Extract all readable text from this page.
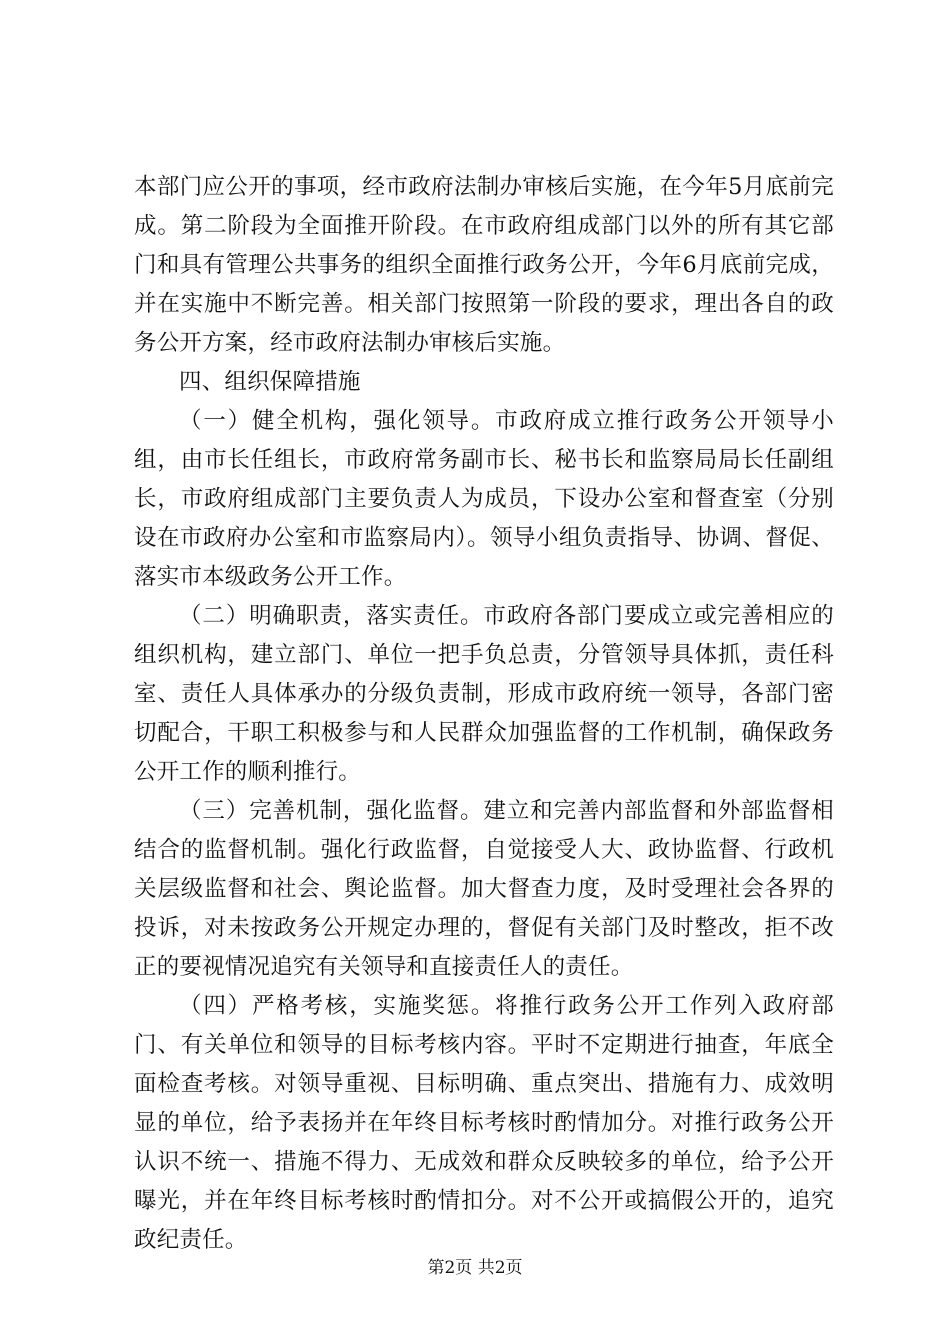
本部门应公开的事项，经市政府法制办审核后实施，在今年5月底前完成。第二阶段为全面推开阶段。在市政府组成部门以外的所有其它部门和具有管理公共事务的组织全面推行政务公开，今年6月底前完成，并在实施中不断完善。相关部门按照第一阶段的要求，理出各自的政务公开方案，经市政府法制办审核后实施。

四、组织保障措施

（一）健全机构，强化领导。市政府成立推行政务公开领导小组，由市长任组长，市政府常务副市长、秘书长和监察局局长任副组长，市政府组成部门主要负责人为成员，下设办公室和督查室（分别设在市政府办公室和市监察局内）。领导小组负责指导、协调、督促、落实市本级政务公开工作。

（二）明确职责，落实责任。市政府各部门要成立或完善相应的组织机构，建立部门、单位一把手负总责，分管领导具体抓，责任科室、责任人具体承办的分级负责制，形成市政府统一领导，各部门密切配合，干职工积极参与和人民群众加强监督的工作机制，确保政务公开工作的顺利推行。

（三）完善机制，强化监督。建立和完善内部监督和外部监督相结合的监督机制。强化行政监督，自觉接受人大、政协监督、行政机关层级监督和社会、舆论监督。加大督查力度，及时受理社会各界的投诉，对未按政务公开规定办理的，督促有关部门及时整改，拒不改正的要视情况追究有关领导和直接责任人的责任。

（四）严格考核，实施奖惩。将推行政务公开工作列入政府部门、有关单位和领导的目标考核内容。平时不定期进行抽查，年底全面检查考核。对领导重视、目标明确、重点突出、措施有力、成效明显的单位，给予表扬并在年终目标考核时酌情加分。对推行政务公开认识不统一、措施不得力、无成效和群众反映较多的单位，给予公开曝光，并在年终目标考核时酌情扣分。对不公开或搞假公开的，追究政纪责任。

第2页 共2页
